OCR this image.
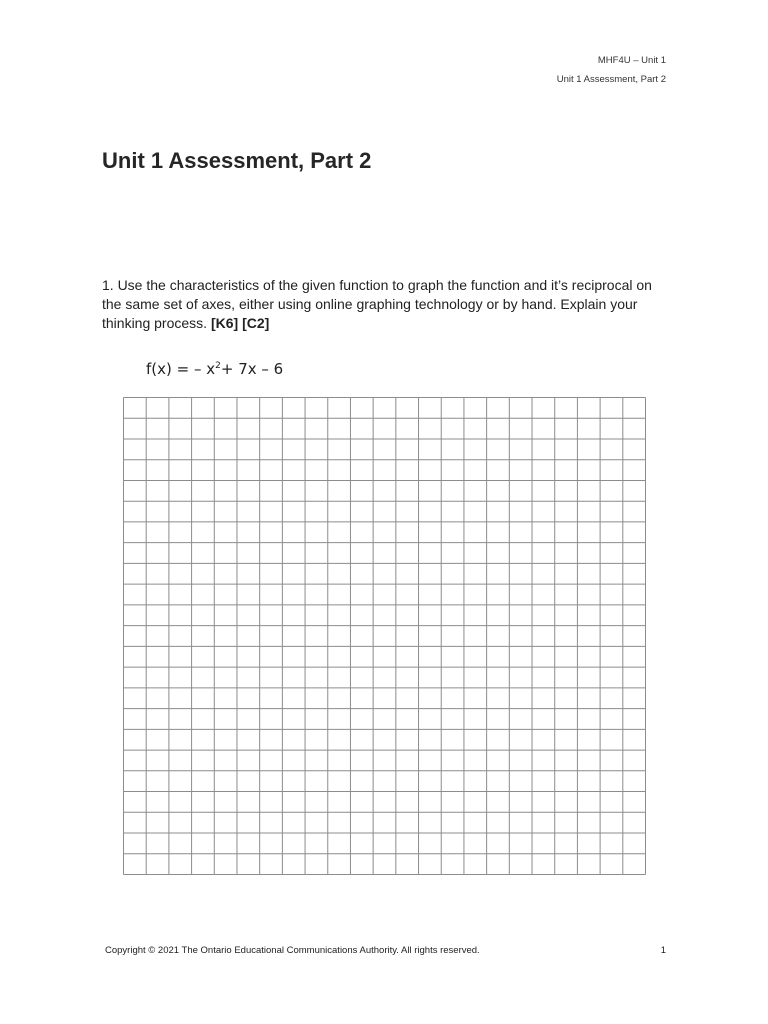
MHF4U – Unit 1
Unit 1 Assessment, Part 2
Unit 1 Assessment, Part 2

1. Use the characteristics of the given function to graph the function and it’s reciprocal on the same set of axes, either using online graphing technology or by hand. Explain your thinking process. [K6] [C2]

f(x) = – $x^2+ 7x - 6$
Copyright © 2021 The Ontario Educational Communications Authority. All rights reserved.	1
